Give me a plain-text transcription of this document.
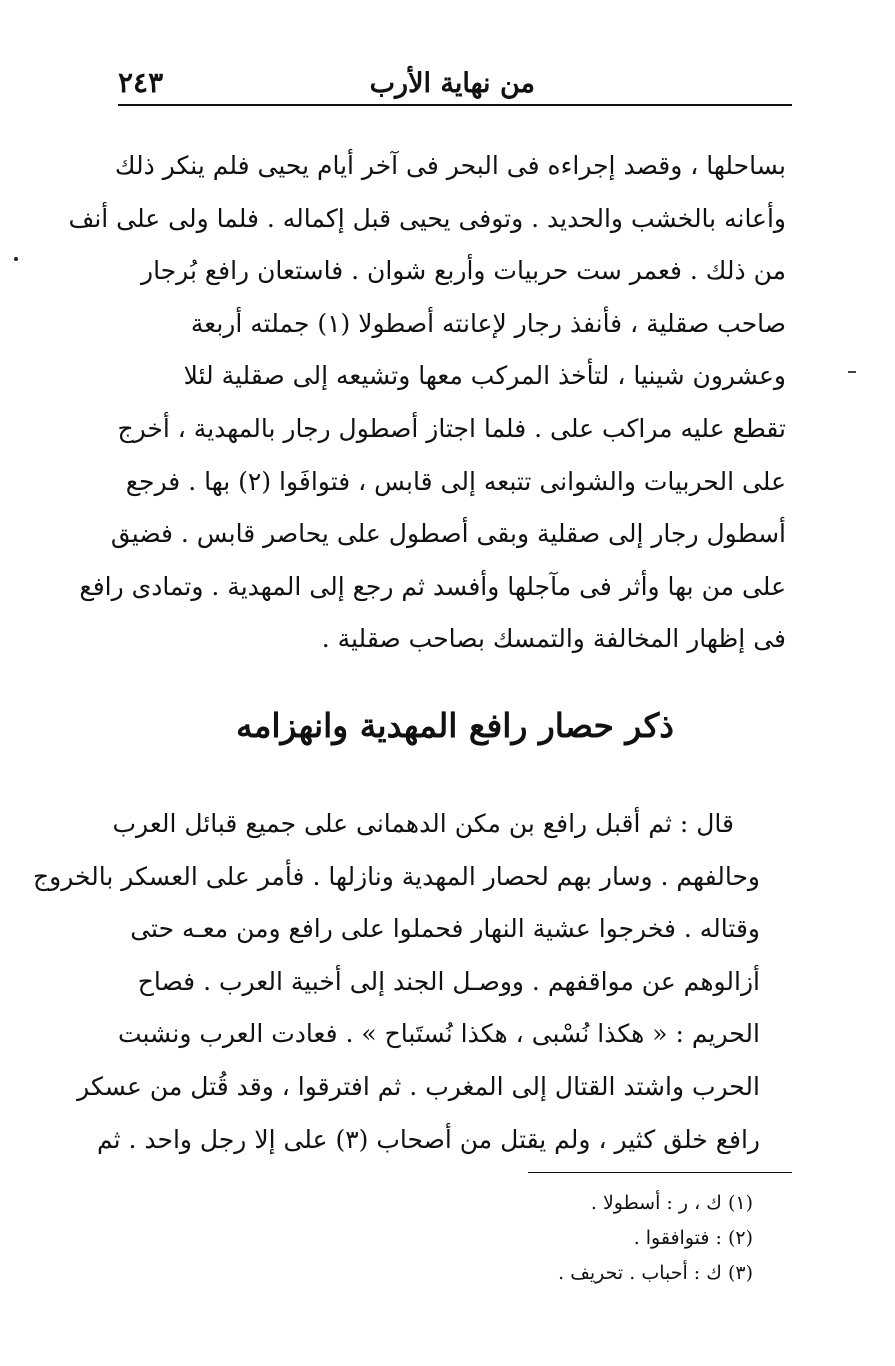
من نهاية الأرب
٢٤٣
بساحلها ، وقصد إجراءه فى البحر فى آخر أيام يحيى فلم ينكر ذلك
وأعانه بالخشب والحديد . وتوفى يحيى قبل إكماله . فلما ولى على أنف
من ذلك . فعمر ست حربيات وأربع شوان . فاستعان رافع بُرجار
صاحب صقلية ، فأنفذ رجار لإعانته أصطولا (١) جملته أربعة
وعشرون شينيا ، لتأخذ المركب معها وتشيعه إلى صقلية لئلا
تقطع عليه مراكب على . فلما اجتاز أصطول رجار بالمهدية ، أخرج
على الحربيات والشوانى تتبعه إلى قابس ، فتوافَوا (٢) بها . فرجع
أسطول رجار إلى صقلية وبقى أصطول على يحاصر قابس . فضيق
على من بها وأثر فى مآجلها وأفسد ثم رجع إلى المهدية . وتمادى رافع
فى إظهار المخالفة والتمسك بصاحب صقلية .
ذكر حصار رافع المهدية وانهزامه
قال : ثم أقبل رافع بن مكن الدهمانى على جميع قبائل العرب
وحالفهم . وسار بهم لحصار المهدية ونازلها . فأمر على العسكر بالخروج
وقتاله . فخرجوا عشية النهار فحملوا على رافع ومن معـه حتى
أزالوهم عن مواقفهم . ووصـل الجند إلى أخبية العرب . فصاح
الحريم : « هكذا نُسْبى ، هكذا نُستَباح » . فعادت العرب ونشبت
الحرب واشتد القتال إلى المغرب . ثم افترقوا ، وقد قُتل من عسكر
رافع خلق كثير ، ولم يقتل من أصحاب (٣) على إلا رجل واحد . ثم
(١) ك ، ر : أسطولا .
(٢) : فتوافقوا .
(٣) ك : أحباب . تحريف .
